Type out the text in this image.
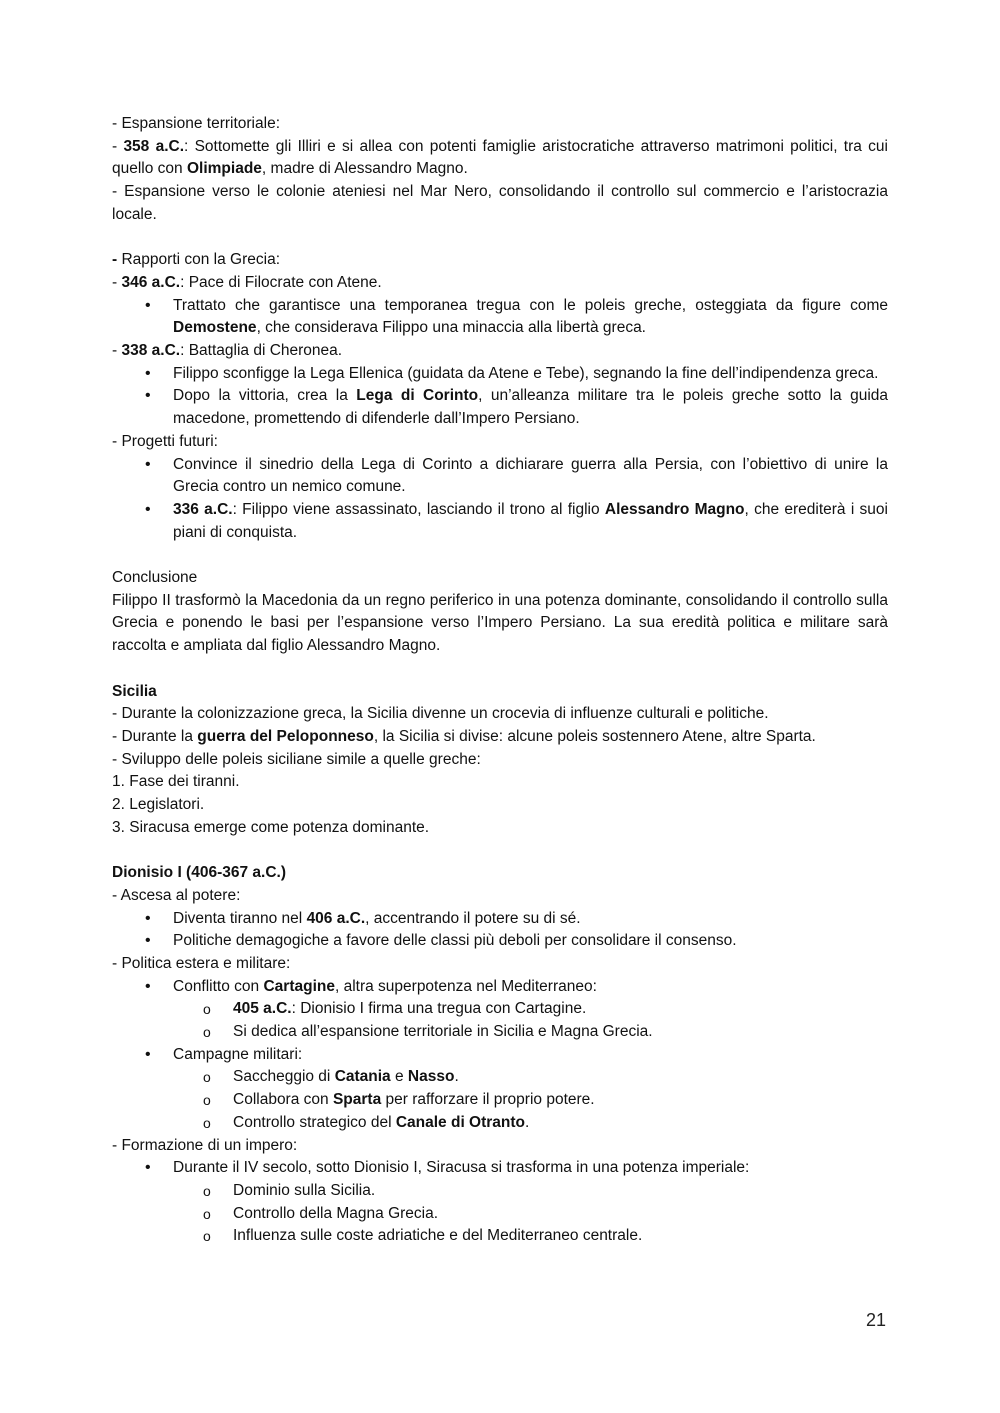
- Espansione territoriale:

- 358 a.C.: Sottomette gli Illiri e si allea con potenti famiglie aristocratiche attraverso matrimoni politici, tra cui quello con Olimpiade, madre di Alessandro Magno.

- Espansione verso le colonie ateniesi nel Mar Nero, consolidando il controllo sul commercio e l’aristocrazia locale.

- Rapporti con la Grecia:

- 346 a.C.: Pace di Filocrate con Atene.

• Trattato che garantisce una temporanea tregua con le poleis greche, osteggiata da figure come Demostene, che considerava Filippo una minaccia alla libertà greca.

- 338 a.C.: Battaglia di Cheronea.

• Filippo sconfigge la Lega Ellenica (guidata da Atene e Tebe), segnando la fine dell’indipendenza greca.
• Dopo la vittoria, crea la Lega di Corinto, un’alleanza militare tra le poleis greche sotto la guida macedone, promettendo di difenderle dall’Impero Persiano.

- Progetti futuri:

• Convince il sinedrio della Lega di Corinto a dichiarare guerra alla Persia, con l’obiettivo di unire la Grecia contro un nemico comune.
• 336 a.C.: Filippo viene assassinato, lasciando il trono al figlio Alessandro Magno, che erediterà i suoi piani di conquista.

Conclusione

Filippo II trasformò la Macedonia da un regno periferico in una potenza dominante, consolidando il controllo sulla Grecia e ponendo le basi per l’espansione verso l’Impero Persiano. La sua eredità politica e militare sarà raccolta e ampliata dal figlio Alessandro Magno.

Sicilia

- Durante la colonizzazione greca, la Sicilia divenne un crocevia di influenze culturali e politiche.

- Durante la guerra del Peloponneso, la Sicilia si divise: alcune poleis sostennero Atene, altre Sparta.

- Sviluppo delle poleis siciliane simile a quelle greche:

1. Fase dei tiranni.

2. Legislatori.

3. Siracusa emerge come potenza dominante.

Dionisio I (406-367 a.C.)

- Ascesa al potere:

• Diventa tiranno nel 406 a.C., accentrando il potere su di sé.
• Politiche demagogiche a favore delle classi più deboli per consolidare il consenso.

- Politica estera e militare:

• Conflitto con Cartagine, altra superpotenza nel Mediterraneo:
o 405 a.C.: Dionisio I firma una tregua con Cartagine.
o Si dedica all’espansione territoriale in Sicilia e Magna Grecia.
• Campagne militari:
o Saccheggio di Catania e Nasso.
o Collabora con Sparta per rafforzare il proprio potere.
o Controllo strategico del Canale di Otranto.

- Formazione di un impero:

• Durante il IV secolo, sotto Dionisio I, Siracusa si trasforma in una potenza imperiale:
o Dominio sulla Sicilia.
o Controllo della Magna Grecia.
o Influenza sulle coste adriatiche e del Mediterraneo centrale.
21
